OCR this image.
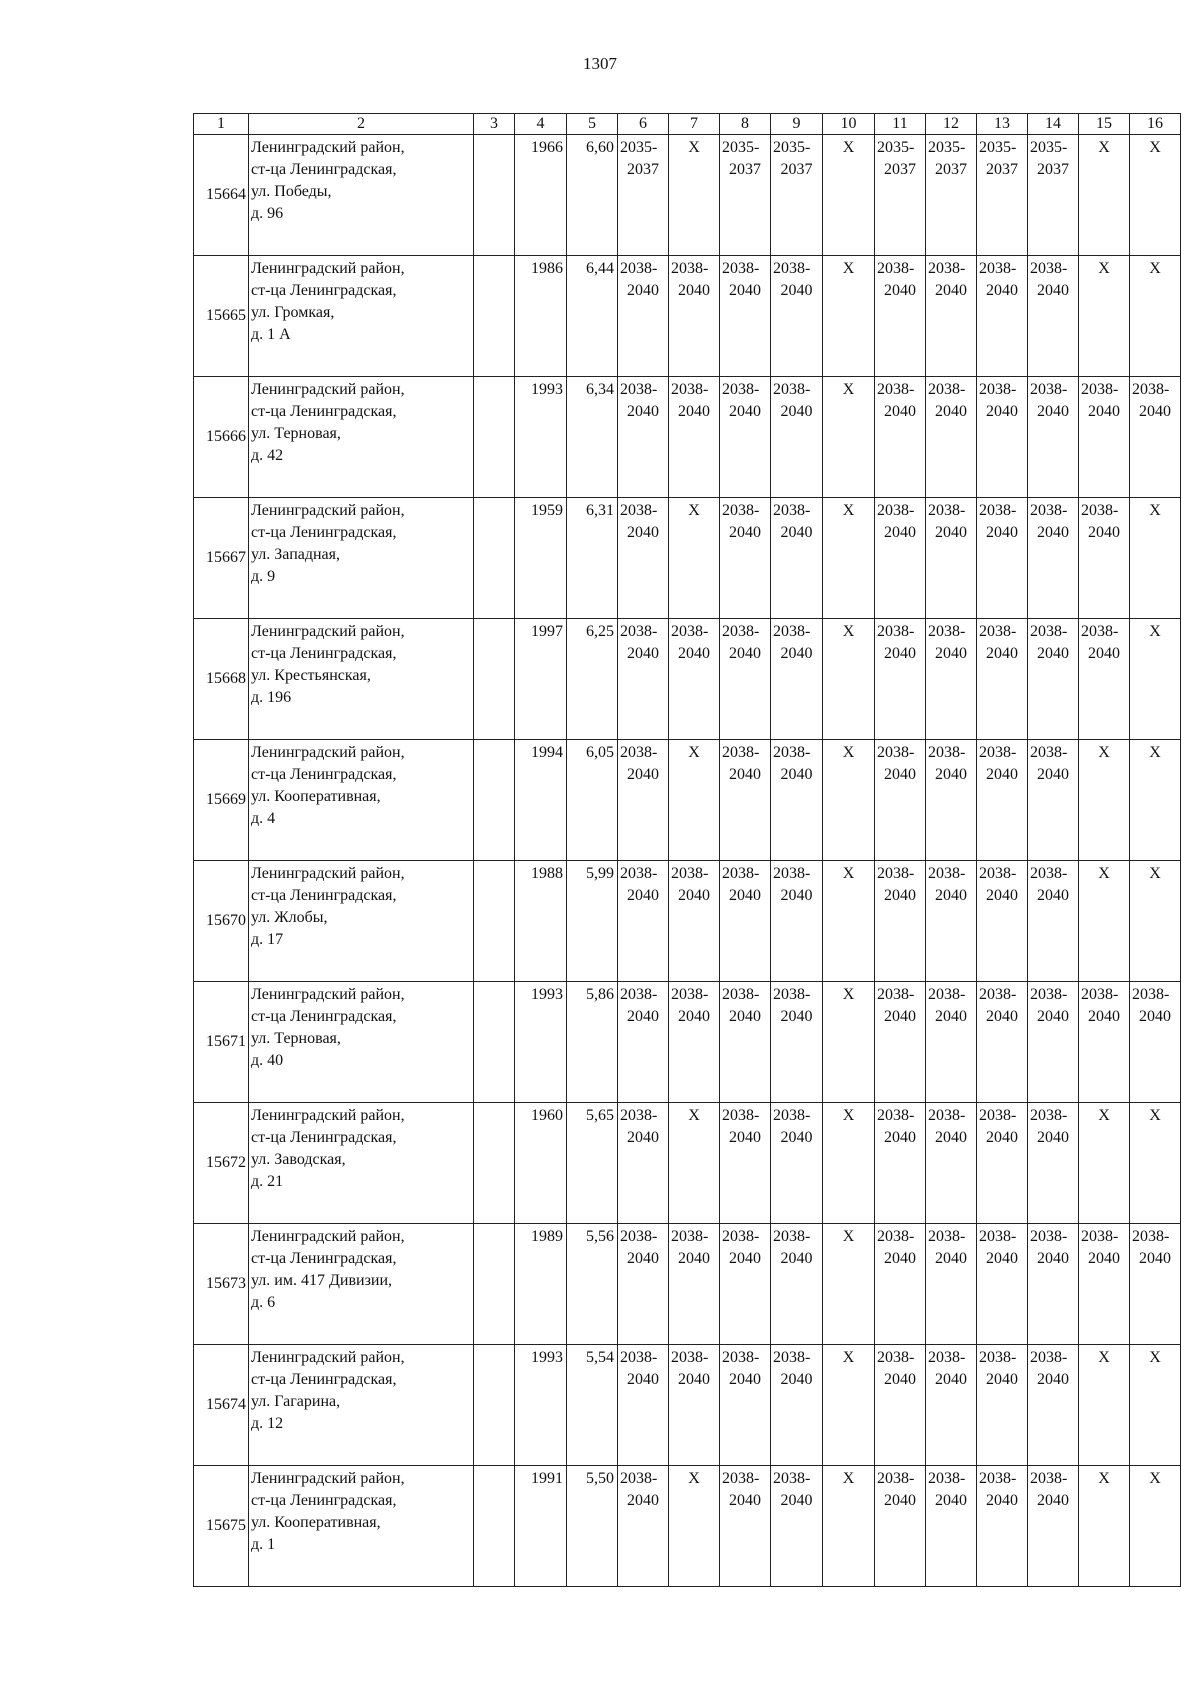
1307
1	2	3	4	5	6	7	8	9	10	11	12	13	14	15	16
15664	Ленинградский район,
ст-ца Ленинградская,
ул. Победы,
д. 96		1966	6,60	2035-
2037	X	2035-
2037	2035-
2037	X	2035-
2037	2035-
2037	2035-
2037	2035-
2037	X	X

15665	Ленинградский район,
ст-ца Ленинградская,
ул. Громкая,
д. 1 А		1986	6,44	2038-
2040	2038-
2040	2038-
2040	2038-
2040	X	2038-
2040	2038-
2040	2038-
2040	2038-
2040	X	X

15666	Ленинградский район,
ст-ца Ленинградская,
ул. Терновая,
д. 42		1993	6,34	2038-
2040	2038-
2040	2038-
2040	2038-
2040	X	2038-
2040	2038-
2040	2038-
2040	2038-
2040	2038-
2040	2038-
2040

15667	Ленинградский район,
ст-ца Ленинградская,
ул. Западная,
д. 9		1959	6,31	2038-
2040	X	2038-
2040	2038-
2040	X	2038-
2040	2038-
2040	2038-
2040	2038-
2040	2038-
2040	X

15668	Ленинградский район,
ст-ца Ленинградская,
ул. Крестьянская,
д. 196		1997	6,25	2038-
2040	2038-
2040	2038-
2040	2038-
2040	X	2038-
2040	2038-
2040	2038-
2040	2038-
2040	2038-
2040	X

15669	Ленинградский район,
ст-ца Ленинградская,
ул. Кооперативная,
д. 4		1994	6,05	2038-
2040	X	2038-
2040	2038-
2040	X	2038-
2040	2038-
2040	2038-
2040	2038-
2040	X	X

15670	Ленинградский район,
ст-ца Ленинградская,
ул. Жлобы,
д. 17		1988	5,99	2038-
2040	2038-
2040	2038-
2040	2038-
2040	X	2038-
2040	2038-
2040	2038-
2040	2038-
2040	X	X

15671	Ленинградский район,
ст-ца Ленинградская,
ул. Терновая,
д. 40		1993	5,86	2038-
2040	2038-
2040	2038-
2040	2038-
2040	X	2038-
2040	2038-
2040	2038-
2040	2038-
2040	2038-
2040	2038-
2040

15672	Ленинградский район,
ст-ца Ленинградская,
ул. Заводская,
д. 21		1960	5,65	2038-
2040	X	2038-
2040	2038-
2040	X	2038-
2040	2038-
2040	2038-
2040	2038-
2040	X	X

15673	Ленинградский район,
ст-ца Ленинградская,
ул. им. 417 Дивизии,
д. 6		1989	5,56	2038-
2040	2038-
2040	2038-
2040	2038-
2040	X	2038-
2040	2038-
2040	2038-
2040	2038-
2040	2038-
2040	2038-
2040

15674	Ленинградский район,
ст-ца Ленинградская,
ул. Гагарина,
д. 12		1993	5,54	2038-
2040	2038-
2040	2038-
2040	2038-
2040	X	2038-
2040	2038-
2040	2038-
2040	2038-
2040	X	X

15675	Ленинградский район,
ст-ца Ленинградская,
ул. Кооперативная,
д. 1		1991	5,50	2038-
2040	X	2038-
2040	2038-
2040	X	2038-
2040	2038-
2040	2038-
2040	2038-
2040	X	X
